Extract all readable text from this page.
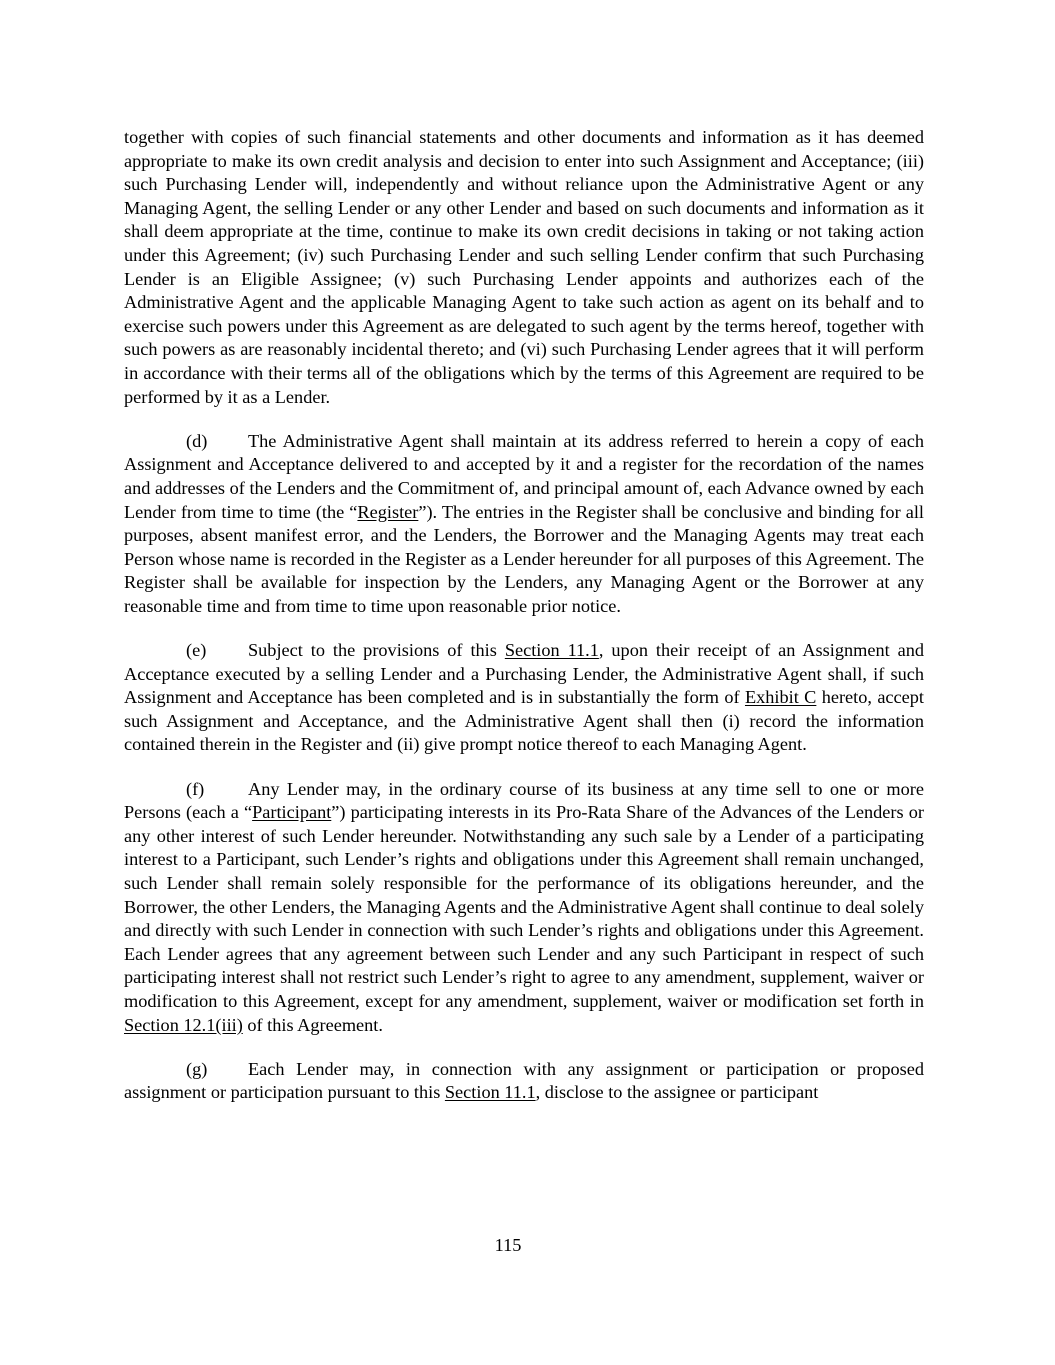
together with copies of such financial statements and other documents and information as it has deemed appropriate to make its own credit analysis and decision to enter into such Assignment and Acceptance; (iii) such Purchasing Lender will, independently and without reliance upon the Administrative Agent or any Managing Agent, the selling Lender or any other Lender and based on such documents and information as it shall deem appropriate at the time, continue to make its own credit decisions in taking or not taking action under this Agreement; (iv) such Purchasing Lender and such selling Lender confirm that such Purchasing Lender is an Eligible Assignee; (v) such Purchasing Lender appoints and authorizes each of the Administrative Agent and the applicable Managing Agent to take such action as agent on its behalf and to exercise such powers under this Agreement as are delegated to such agent by the terms hereof, together with such powers as are reasonably incidental thereto; and (vi) such Purchasing Lender agrees that it will perform in accordance with their terms all of the obligations which by the terms of this Agreement are required to be performed by it as a Lender.

(d) The Administrative Agent shall maintain at its address referred to herein a copy of each Assignment and Acceptance delivered to and accepted by it and a register for the recordation of the names and addresses of the Lenders and the Commitment of, and principal amount of, each Advance owned by each Lender from time to time (the “Register”). The entries in the Register shall be conclusive and binding for all purposes, absent manifest error, and the Lenders, the Borrower and the Managing Agents may treat each Person whose name is recorded in the Register as a Lender hereunder for all purposes of this Agreement. The Register shall be available for inspection by the Lenders, any Managing Agent or the Borrower at any reasonable time and from time to time upon reasonable prior notice.

(e) Subject to the provisions of this Section 11.1, upon their receipt of an Assignment and Acceptance executed by a selling Lender and a Purchasing Lender, the Administrative Agent shall, if such Assignment and Acceptance has been completed and is in substantially the form of Exhibit C hereto, accept such Assignment and Acceptance, and the Administrative Agent shall then (i) record the information contained therein in the Register and (ii) give prompt notice thereof to each Managing Agent.

(f) Any Lender may, in the ordinary course of its business at any time sell to one or more Persons (each a “Participant”) participating interests in its Pro-Rata Share of the Advances of the Lenders or any other interest of such Lender hereunder. Notwithstanding any such sale by a Lender of a participating interest to a Participant, such Lender’s rights and obligations under this Agreement shall remain unchanged, such Lender shall remain solely responsible for the performance of its obligations hereunder, and the Borrower, the other Lenders, the Managing Agents and the Administrative Agent shall continue to deal solely and directly with such Lender in connection with such Lender’s rights and obligations under this Agreement. Each Lender agrees that any agreement between such Lender and any such Participant in respect of such participating interest shall not restrict such Lender’s right to agree to any amendment, supplement, waiver or modification to this Agreement, except for any amendment, supplement, waiver or modification set forth in Section 12.1(iii) of this Agreement.

(g) Each Lender may, in connection with any assignment or participation or proposed assignment or participation pursuant to this Section 11.1, disclose to the assignee or participant

115
